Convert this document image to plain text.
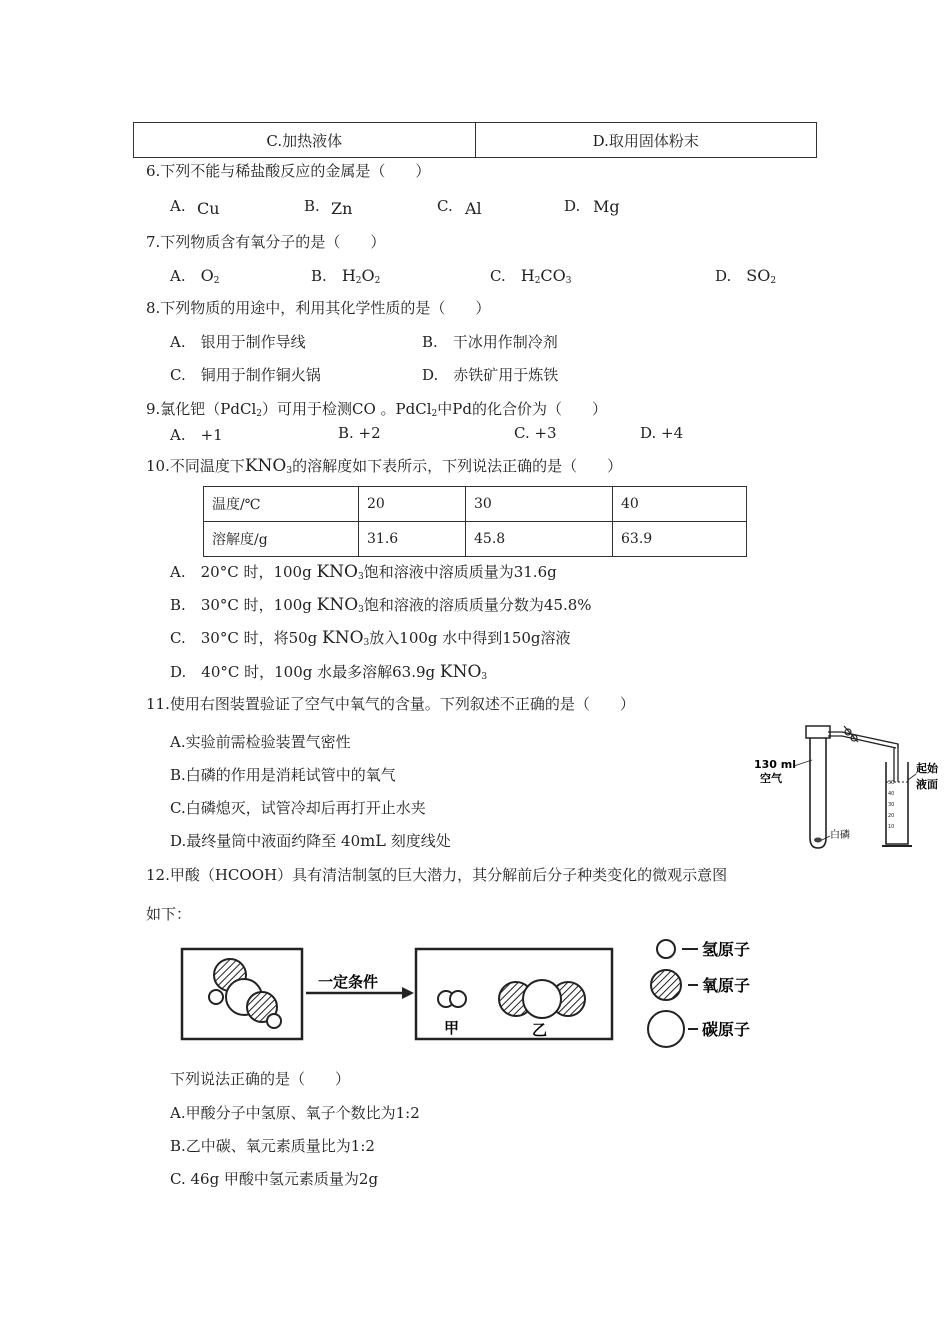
C.加热液体	D.取用固体粉末
6.下列不能与稀盐酸反应的金属是（　　）
A. Cu	B. Zn	C. Al	D. Mg
7.下列物质含有氧分子的是（　　）
A.　 $O_2$	B.　 $H_2O_2$	C.　 $H_2CO_3$	D.　 $SO_2$
8.下列物质的用途中，利用其化学性质的是（　　）
A.　银用于制作导线	B.　干冰用作制冷剂
C.　铜用于制作铜火锅	D.　赤铁矿用于炼铁
9.氯化钯（PdCl$_2$）可用于检测CO 。PdCl$_2$中Pd的化合价为（　　）
A.　+1	B. +2	C. +3	D. +4
10.不同温度下$KNO_3$的溶解度如下表所示，下列说法正确的是（　　）
温度/℃	20	30	40
溶解度/g	31.6	45.8	63.9
A.　 20°C 时，100g $KNO_3$饱和溶液中溶质质量为31.6g
B.　 30°C 时，100g $KNO_3$饱和溶液的溶质质量分数为45.8%
C.　 30°C 时，将50g $KNO_3$放入100g 水中得到150g溶液
D.　 40°C 时，100g 水最多溶解63.9g $KNO_3$
11.使用右图装置验证了空气中氧气的含量。下列叙述不正确的是（　　）
A.实验前需检验装置气密性
B.白磷的作用是消耗试管中的氧气
C.白磷熄灭，试管冷却后再打开止水夹
D.最终量筒中液面约降至 40mL 刻度线处
50
40
30
20
10
白磷
130 ml
空气
起始
液面
12.甲酸（HCOOH）具有清洁制氢的巨大潜力，其分解前后分子种类变化的微观示意图
如下：
一定条件
甲	乙
氢原子
氧原子
碳原子
下列说法正确的是（　　）
A.甲酸分子中氢原、氧子个数比为1:2
B.乙中碳、氧元素质量比为1:2
C. 46g 甲酸中氢元素质量为2g
